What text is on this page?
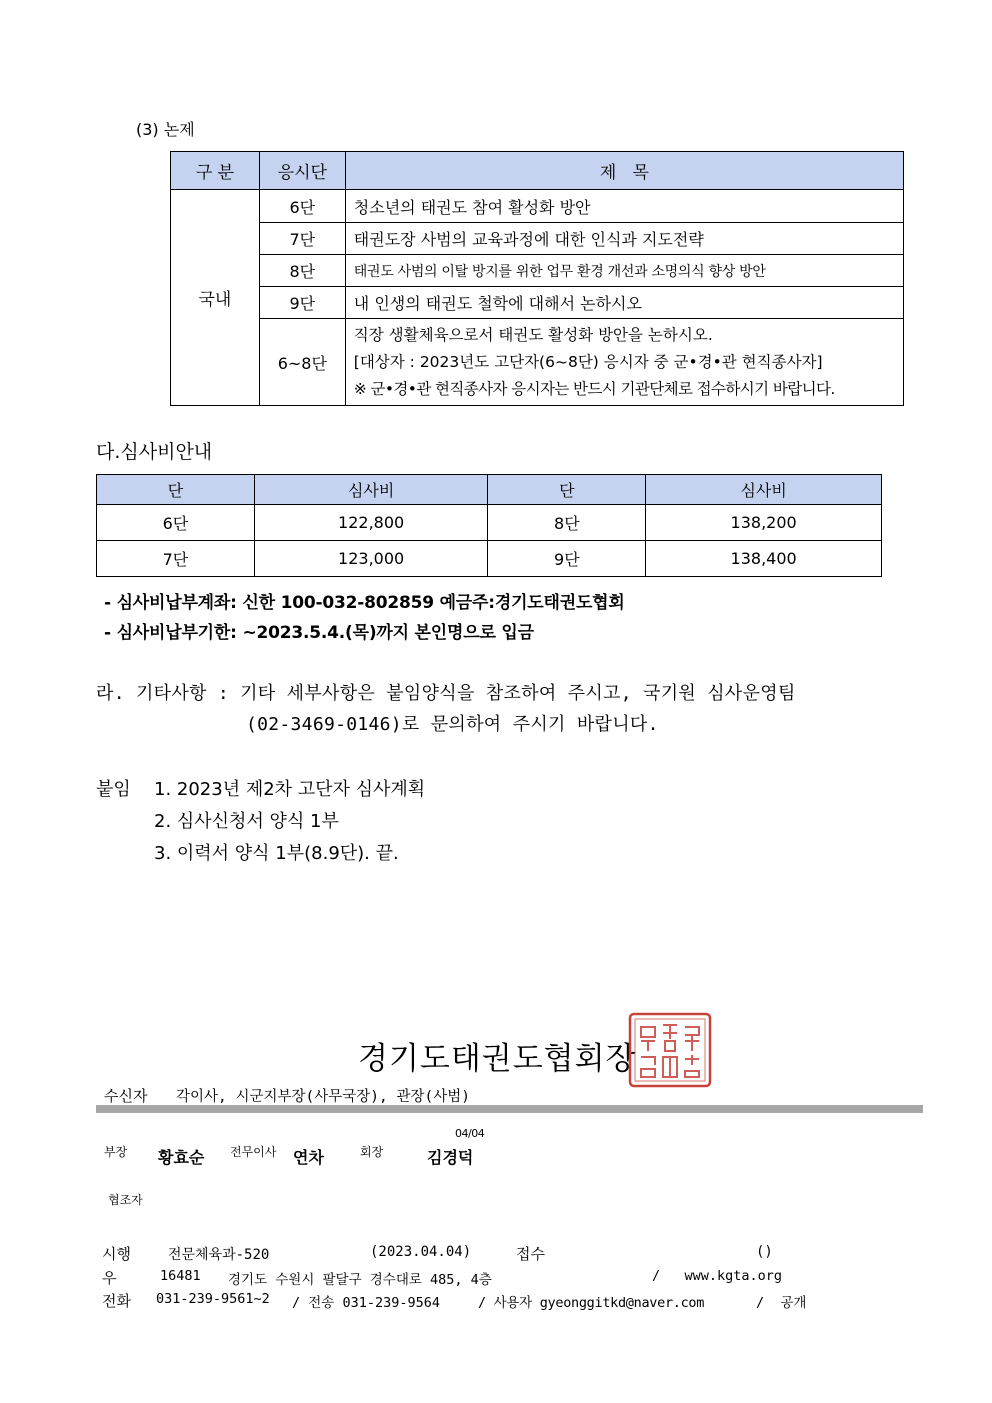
(3) 논제
구 분	응시단	제   목
국내	6단	청소년의 태권도 참여 활성화 방안
	7단	태권도장 사범의 교육과정에 대한 인식과 지도전략
	8단	태권도 사범의 이탈 방지를 위한 업무 환경 개선과 소명의식 향상 방안
	9단	내 인생의 태권도 철학에 대해서 논하시오
	6~8단	직장 생활체육으로서 태권도 활성화 방안을 논하시오.
[대상자 : 2023년도 고단자(6~8단) 응시자 중 군•경•관 현직종사자]
※ 군•경•관 현직종사자 응시자는 반드시 기관단체로 접수하시기 바랍니다.
다.심사비안내
단	심사비	단	심사비
6단	122,800	8단	138,200
7단	123,000	9단	138,400
- 심사비납부계좌: 신한 100-032-802859 예금주:경기도태권도협회
- 심사비납부기한: ~2023.5.4.(목)까지 본인명으로 입금
라. 기타사항 : 기타 세부사항은 붙임양식을 참조하여 주시고, 국기원 심사운영팀
(02-3469-0146)로 문의하여 주시기 바랍니다.
붙임 1. 2023년 제2차 고단자 심사계획
2. 심사신청서 양식 1부
3. 이력서 양식 1부(8.9단). 끝.
경기도태권도협회장
수신자 각이사, 시군지부장(사무국장), 관장(사범)
부장 황효순 전무이사 연차	회장
04/04
김경덕
협조자
시행	전문체육과-520	(2023.04.04)	접수	()
우	16481 경기도 수원시 팔달구 경수대로 485, 4층	/   www.kgta.org
전화 031-239-9561~2 / 전송 031-239-9564	/ 사용자 gyeonggitkd@naver.com	/  공개
